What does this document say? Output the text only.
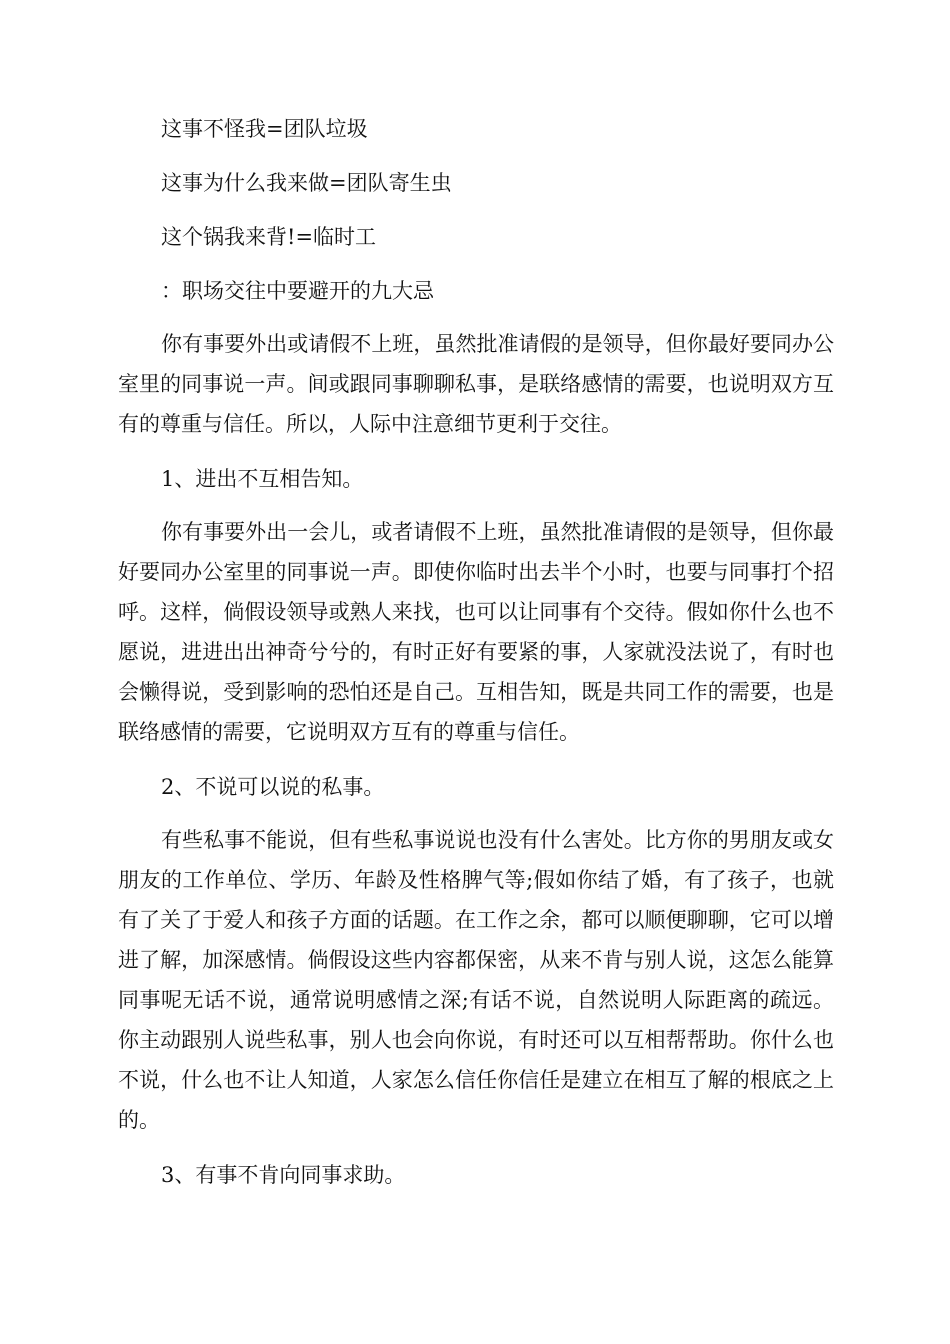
这事不怪我=团队垃圾
这事为什么我来做=团队寄生虫
这个锅我来背!=临时工
：职场交往中要避开的九大忌

你有事要外出或请假不上班，虽然批准请假的是领导，但你最好要同办公室里的同事说一声。间或跟同事聊聊私事，是联络感情的需要，也说明双方互有的尊重与信任。所以，人际中注意细节更利于交往。

1、进出不互相告知。

你有事要外出一会儿，或者请假不上班，虽然批准请假的是领导，但你最好要同办公室里的同事说一声。即使你临时出去半个小时，也要与同事打个招呼。这样，倘假设领导或熟人来找，也可以让同事有个交待。假如你什么也不愿说，进进出出神奇兮兮的，有时正好有要紧的事，人家就没法说了，有时也会懒得说，受到影响的恐怕还是自己。互相告知，既是共同工作的需要，也是联络感情的需要，它说明双方互有的尊重与信任。

2、不说可以说的私事。

有些私事不能说，但有些私事说说也没有什么害处。比方你的男朋友或女朋友的工作单位、学历、年龄及性格脾气等;假如你结了婚，有了孩子，也就有了关了于爱人和孩子方面的话题。在工作之余，都可以顺便聊聊，它可以增进了解，加深感情。倘假设这些内容都保密，从来不肯与别人说，这怎么能算同事呢无话不说，通常说明感情之深;有话不说，自然说明人际距离的疏远。你主动跟别人说些私事，别人也会向你说，有时还可以互相帮帮助。你什么也不说，什么也不让人知道，人家怎么信任你信任是建立在相互了解的根底之上的。

3、有事不肯向同事求助。
